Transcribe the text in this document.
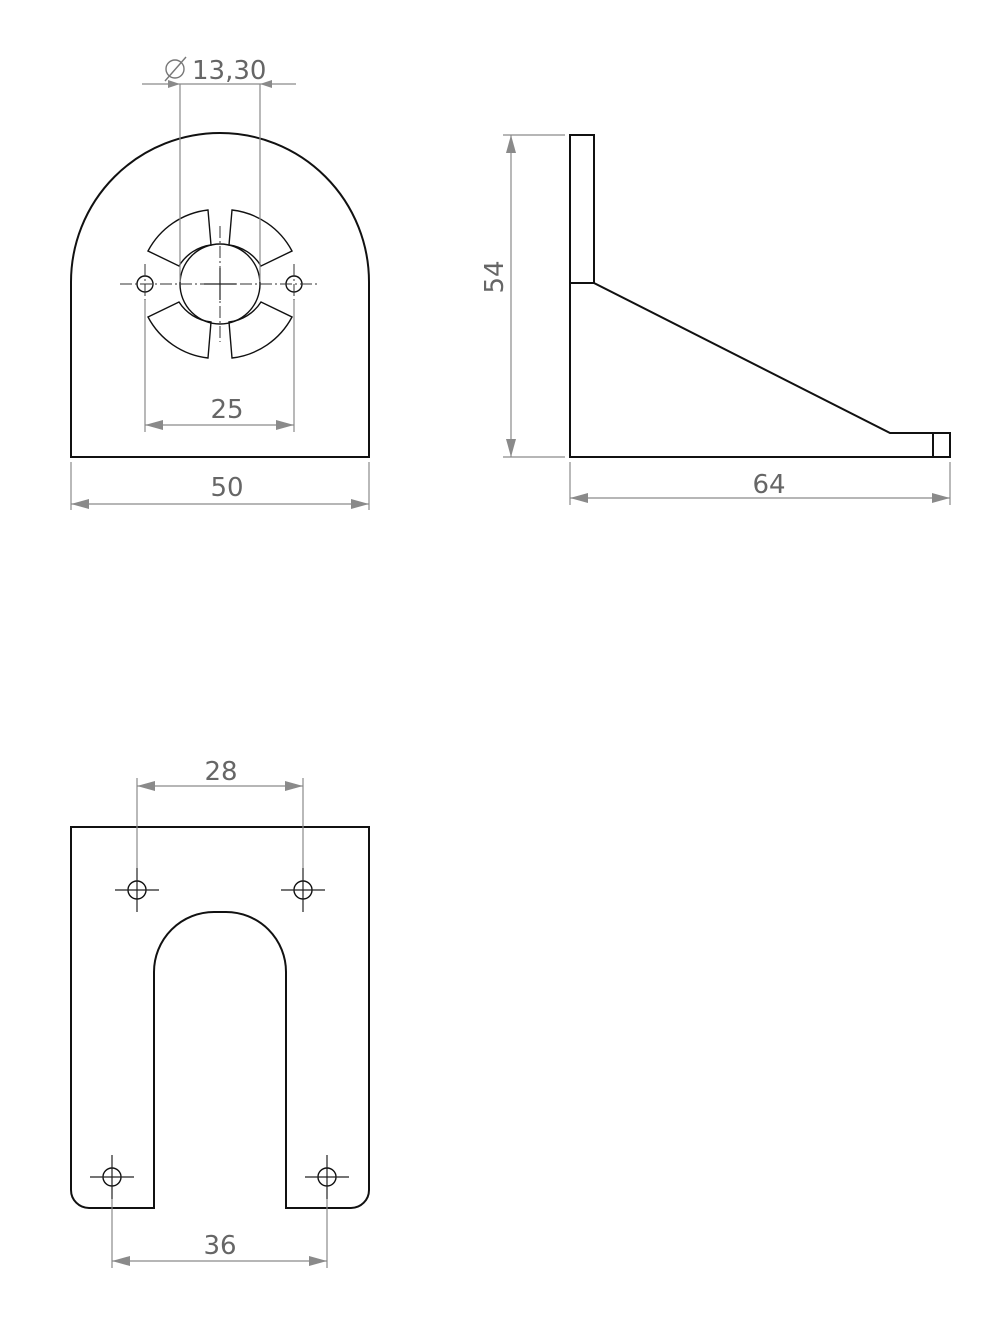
13,30
25
50
54
64
28
36
